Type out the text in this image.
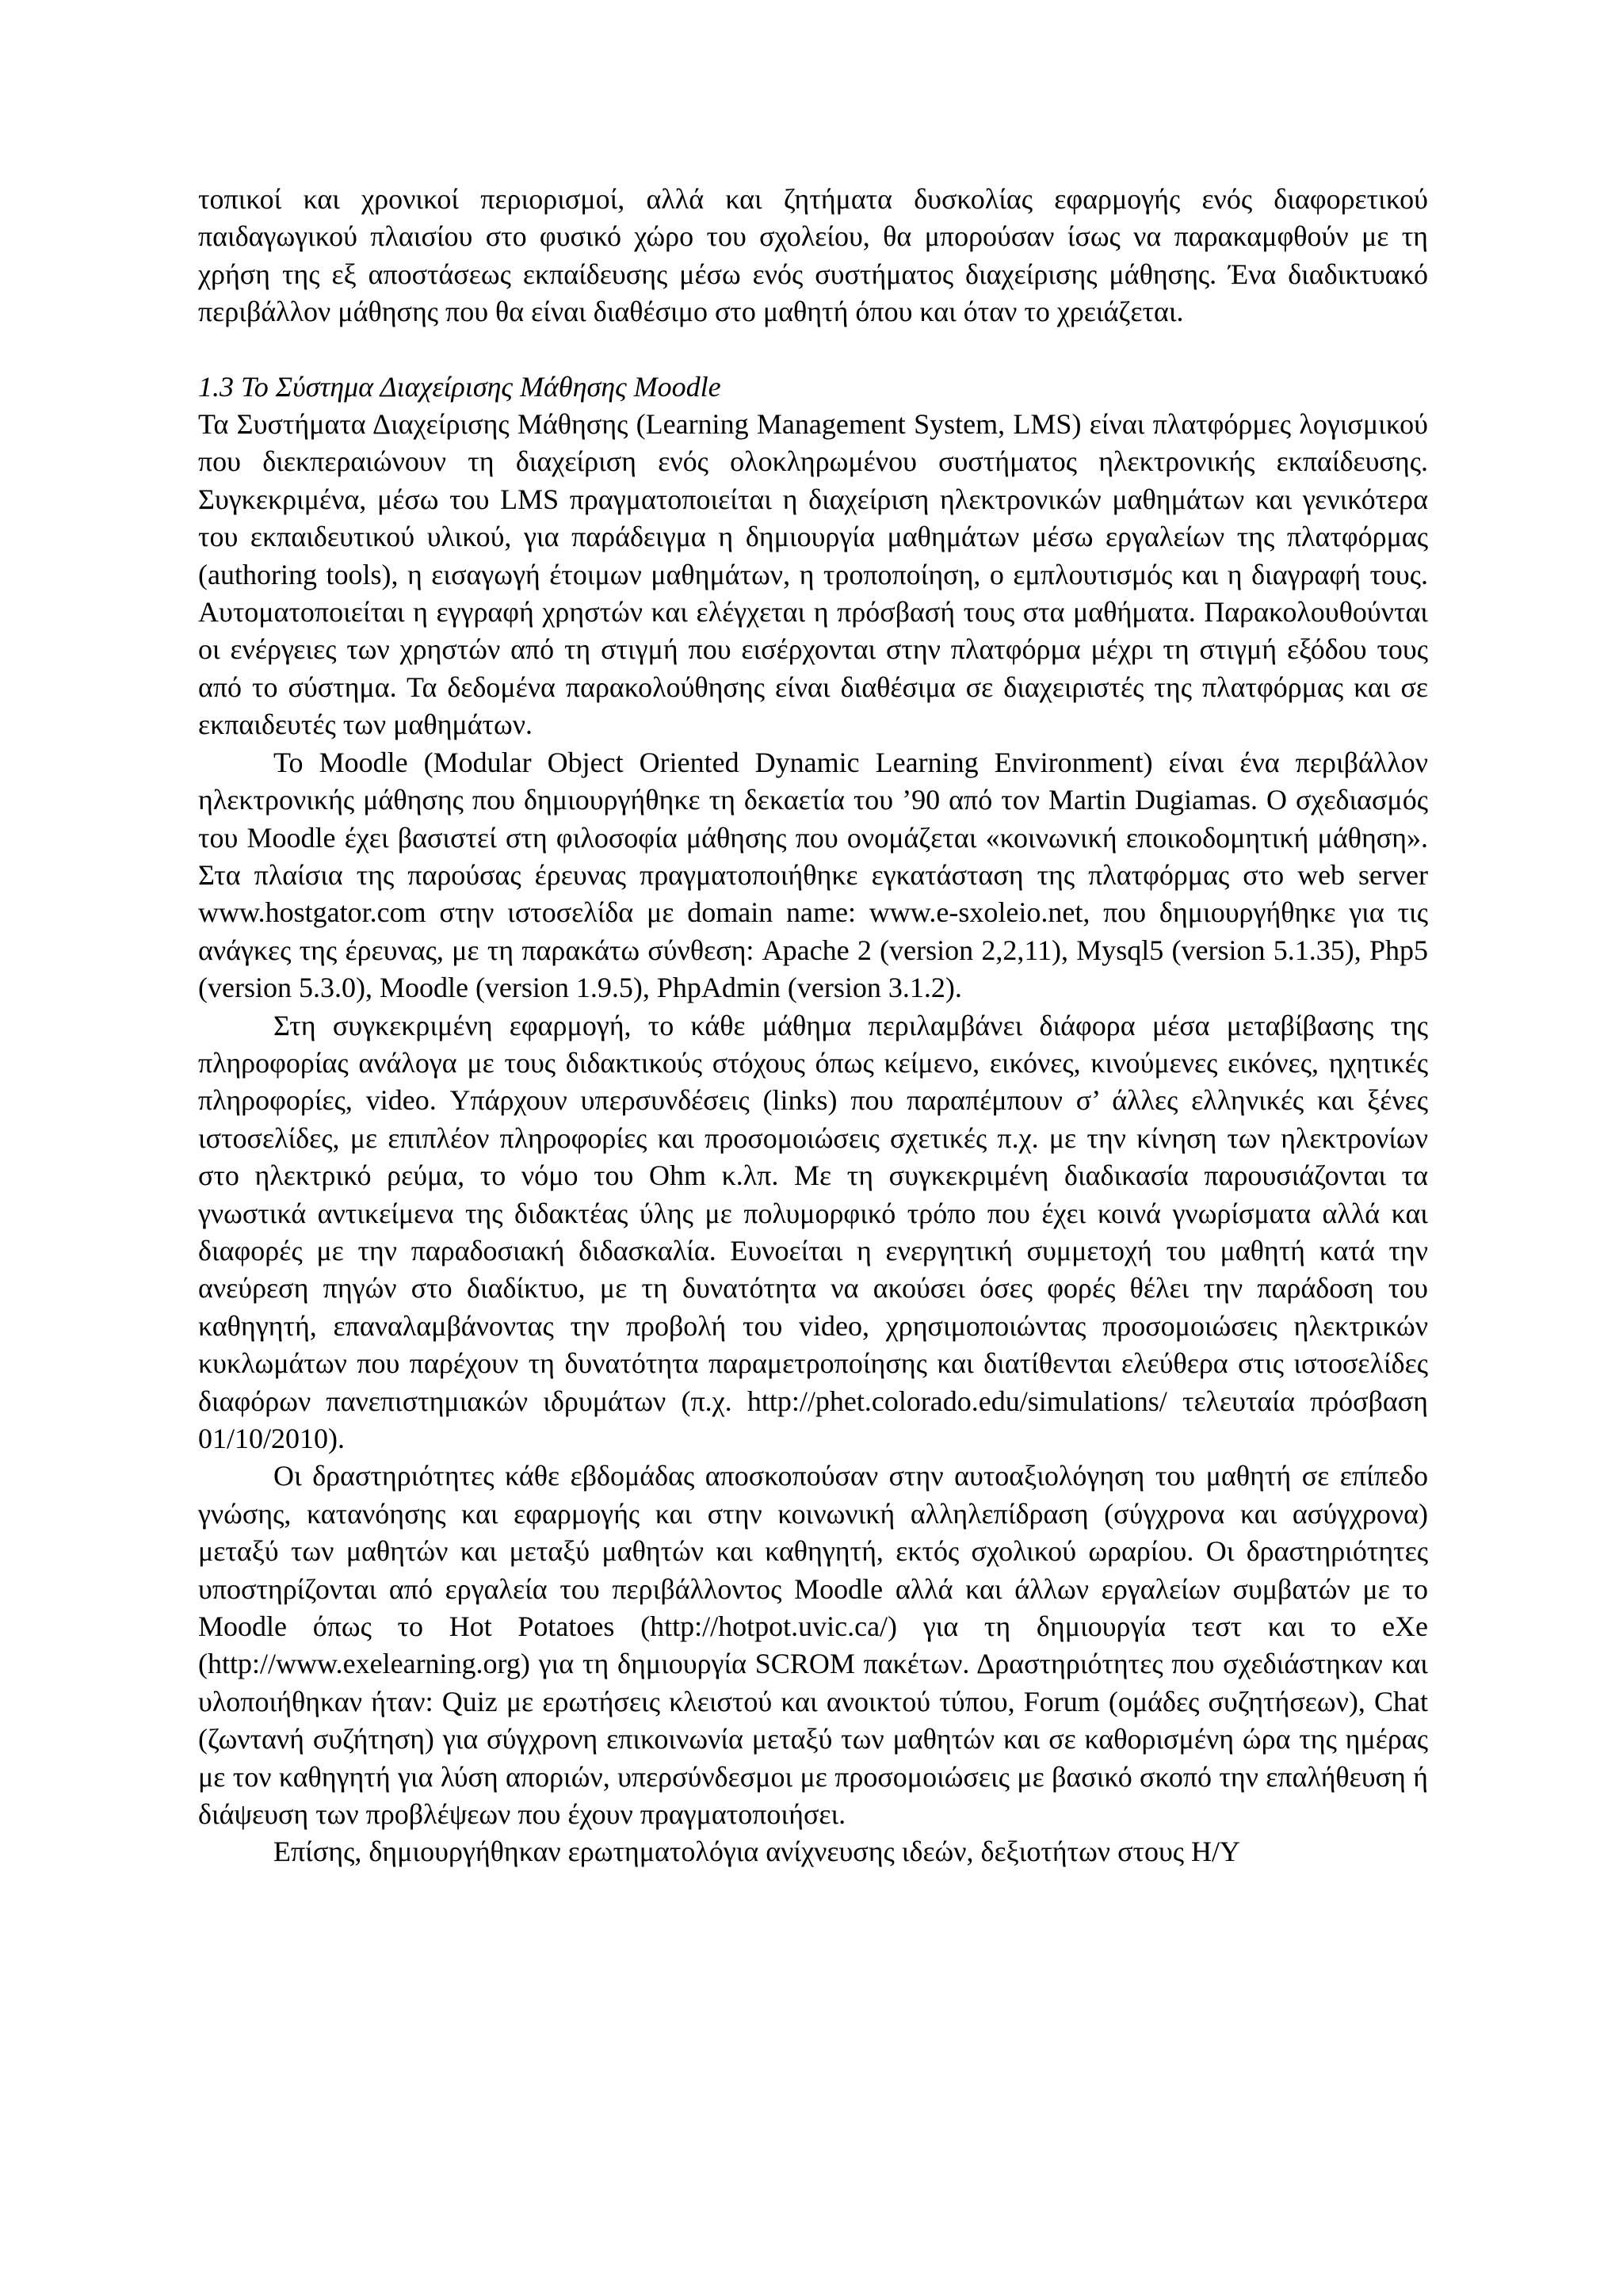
τοπικοί και χρονικοί περιορισμοί, αλλά και ζητήματα δυσκολίας εφαρμογής ενός διαφορετικού παιδαγωγικού πλαισίου στο φυσικό χώρο του σχολείου, θα μπορούσαν ίσως να παρακαμφθούν με τη χρήση της εξ αποστάσεως εκπαίδευσης μέσω ενός συστήματος διαχείρισης μάθησης. Ένα διαδικτυακό περιβάλλον μάθησης που θα είναι διαθέσιμο στο μαθητή όπου και όταν το χρειάζεται.

1.3 Το Σύστημα Διαχείρισης Μάθησης Moodle

Τα Συστήματα Διαχείρισης Μάθησης (Learning Management System, LMS) είναι πλατφόρμες λογισμικού που διεκπεραιώνουν τη διαχείριση ενός ολοκληρωμένου συστήματος ηλεκτρονικής εκπαίδευσης. Συγκεκριμένα, μέσω του LMS πραγματοποιείται η διαχείριση ηλεκτρονικών μαθημάτων και γενικότερα του εκπαιδευτικού υλικού, για παράδειγμα η δημιουργία μαθημάτων μέσω εργαλείων της πλατφόρμας (authoring tools), η εισαγωγή έτοιμων μαθημάτων, η τροποποίηση, ο εμπλουτισμός και η διαγραφή τους. Αυτοματοποιείται η εγγραφή χρηστών και ελέγχεται η πρόσβασή τους στα μαθήματα. Παρακολουθούνται οι ενέργειες των χρηστών από τη στιγμή που εισέρχονται στην πλατφόρμα μέχρι τη στιγμή εξόδου τους από το σύστημα. Τα δεδομένα παρακολούθησης είναι διαθέσιμα σε διαχειριστές της πλατφόρμας και σε εκπαιδευτές των μαθημάτων.

Το Moodle (Modular Object Oriented Dynamic Learning Environment) είναι ένα περιβάλλον ηλεκτρονικής μάθησης που δημιουργήθηκε τη δεκαετία του ’90 από τον Martin Dugiamas. Ο σχεδιασμός του Moodle έχει βασιστεί στη φιλοσοφία μάθησης που ονομάζεται «κοινωνική εποικοδομητική μάθηση». Στα πλαίσια της παρούσας έρευνας πραγματοποιήθηκε εγκατάσταση της πλατφόρμας στο web server www.hostgator.com στην ιστοσελίδα με domain name: www.e-sxoleio.net, που δημιουργήθηκε για τις ανάγκες της έρευνας, με τη παρακάτω σύνθεση: Apache 2 (version 2,2,11), Mysql5 (version 5.1.35), Php5 (version 5.3.0), Moodle (version 1.9.5), PhpAdmin (version 3.1.2).

Στη συγκεκριμένη εφαρμογή, το κάθε μάθημα περιλαμβάνει διάφορα μέσα μεταβίβασης της πληροφορίας ανάλογα με τους διδακτικούς στόχους όπως κείμενο, εικόνες, κινούμενες εικόνες, ηχητικές πληροφορίες, video. Υπάρχουν υπερσυνδέσεις (links) που παραπέμπουν σ’ άλλες ελληνικές και ξένες ιστοσελίδες, με επιπλέον πληροφορίες και προσομοιώσεις σχετικές π.χ. με την κίνηση των ηλεκτρονίων στο ηλεκτρικό ρεύμα, το νόμο του Ohm κ.λπ. Με τη συγκεκριμένη διαδικασία παρουσιάζονται τα γνωστικά αντικείμενα της διδακτέας ύλης με πολυμορφικό τρόπο που έχει κοινά γνωρίσματα αλλά και διαφορές με την παραδοσιακή διδασκαλία. Ευνοείται η ενεργητική συμμετοχή του μαθητή κατά την ανεύρεση πηγών στο διαδίκτυο, με τη δυνατότητα να ακούσει όσες φορές θέλει την παράδοση του καθηγητή, επαναλαμβάνοντας την προβολή του video, χρησιμοποιώντας προσομοιώσεις ηλεκτρικών κυκλωμάτων που παρέχουν τη δυνατότητα παραμετροποίησης και διατίθενται ελεύθερα στις ιστοσελίδες διαφόρων πανεπιστημιακών ιδρυμάτων (π.χ. http://phet.colorado.edu/simulations/ τελευταία πρόσβαση 01/10/2010).

Οι δραστηριότητες κάθε εβδομάδας αποσκοπούσαν στην αυτοαξιολόγηση του μαθητή σε επίπεδο γνώσης, κατανόησης και εφαρμογής και στην κοινωνική αλληλεπίδραση (σύγχρονα και ασύγχρονα) μεταξύ των μαθητών και μεταξύ μαθητών και καθηγητή, εκτός σχολικού ωραρίου. Οι δραστηριότητες υποστηρίζονται από εργαλεία του περιβάλλοντος Moodle αλλά και άλλων εργαλείων συμβατών με το Moodle όπως το Hot Potatoes (http://hotpot.uvic.ca/) για τη δημιουργία τεστ και το eXe (http://www.exelearning.org) για τη δημιουργία SCROM πακέτων. Δραστηριότητες που σχεδιάστηκαν και υλοποιήθηκαν ήταν: Quiz με ερωτήσεις κλειστού και ανοικτού τύπου, Forum (ομάδες συζητήσεων), Chat (ζωντανή συζήτηση) για σύγχρονη επικοινωνία μεταξύ των μαθητών και σε καθορισμένη ώρα της ημέρας με τον καθηγητή για λύση αποριών, υπερσύνδεσμοι με προσομοιώσεις με βασικό σκοπό την επαλήθευση ή διάψευση των προβλέψεων που έχουν πραγματοποιήσει.

Επίσης, δημιουργήθηκαν ερωτηματολόγια ανίχνευσης ιδεών, δεξιοτήτων στους Η/Υ
